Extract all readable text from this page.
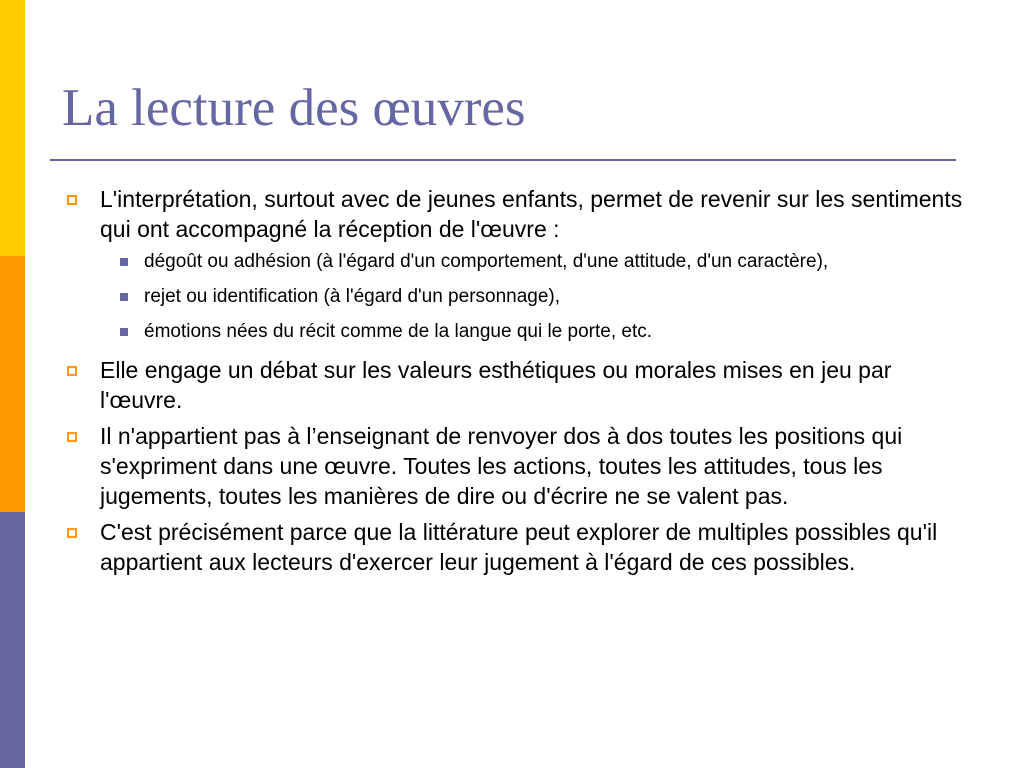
La lecture des œuvres
L'interprétation, surtout avec de jeunes enfants, permet de revenir sur les sentiments qui ont accompagné la réception de l'œuvre :
dégoût ou adhésion (à l'égard d'un comportement, d'une attitude, d'un caractère),
rejet ou identification (à l'égard d'un personnage),
émotions nées du récit comme de la langue qui le porte, etc.
Elle engage un débat sur les valeurs esthétiques ou morales mises en jeu par l'œuvre.
Il n'appartient pas à l’enseignant de renvoyer dos à dos toutes les positions qui s'expriment dans une œuvre. Toutes les actions, toutes les attitudes, tous les jugements, toutes les manières de dire ou d'écrire ne se valent pas.
C'est précisément parce que la littérature peut explorer de multiples possibles qu'il appartient aux lecteurs d'exercer leur jugement à l'égard de ces possibles.
